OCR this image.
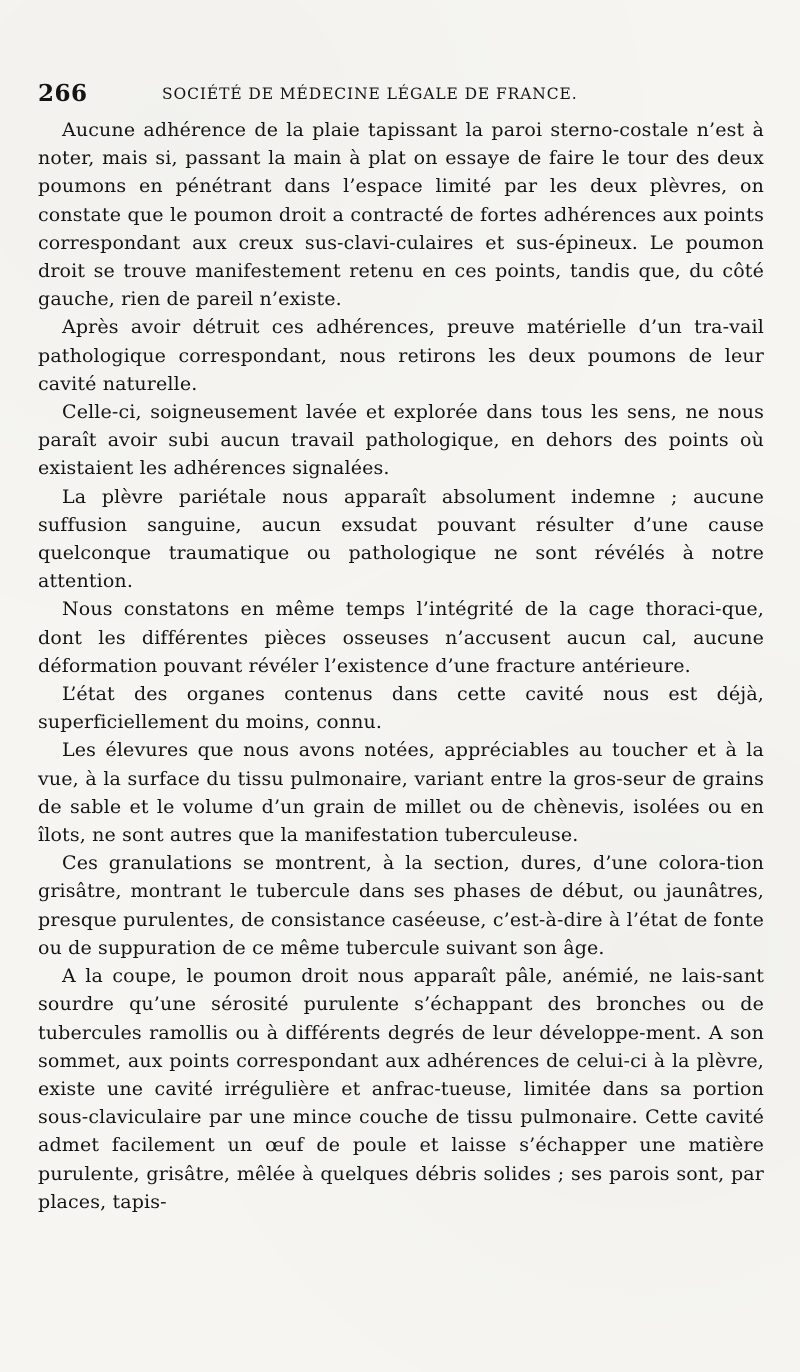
266	SOCIÉTÉ DE MÉDECINE LÉGALE DE FRANCE.

Aucune adhérence de la plaie tapissant la paroi sterno-costale n’est à noter, mais si, passant la main à plat on essaye de faire le tour des deux poumons en pénétrant dans l’espace limité par les deux plèvres, on constate que le poumon droit a contracté de fortes adhérences aux points correspondant aux creux sus-clavi-culaires et sus-épineux. Le poumon droit se trouve manifestement retenu en ces points, tandis que, du côté gauche, rien de pareil n’existe.

Après avoir détruit ces adhérences, preuve matérielle d’un tra-vail pathologique correspondant, nous retirons les deux poumons de leur cavité naturelle.

Celle-ci, soigneusement lavée et explorée dans tous les sens, ne nous paraît avoir subi aucun travail pathologique, en dehors des points où existaient les adhérences signalées.

La plèvre pariétale nous apparaît absolument indemne ; aucune suffusion sanguine, aucun exsudat pouvant résulter d’une cause quelconque traumatique ou pathologique ne sont révélés à notre attention.

Nous constatons en même temps l’intégrité de la cage thoraci-que, dont les différentes pièces osseuses n’accusent aucun cal, aucune déformation pouvant révéler l’existence d’une fracture antérieure.

L’état des organes contenus dans cette cavité nous est déjà, superficiellement du moins, connu.

Les élevures que nous avons notées, appréciables au toucher et à la vue, à la surface du tissu pulmonaire, variant entre la gros-seur de grains de sable et le volume d’un grain de millet ou de chènevis, isolées ou en îlots, ne sont autres que la manifestation tuberculeuse.

Ces granulations se montrent, à la section, dures, d’une colora-tion grisâtre, montrant le tubercule dans ses phases de début, ou jaunâtres, presque purulentes, de consistance caséeuse, c’est-à-dire à l’état de fonte ou de suppuration de ce même tubercule suivant son âge.

A la coupe, le poumon droit nous apparaît pâle, anémié, ne lais-sant sourdre qu’une sérosité purulente s’échappant des bronches ou de tubercules ramollis ou à différents degrés de leur développe-ment. A son sommet, aux points correspondant aux adhérences de celui-ci à la plèvre, existe une cavité irrégulière et anfrac-tueuse, limitée dans sa portion sous-claviculaire par une mince couche de tissu pulmonaire. Cette cavité admet facilement un œuf de poule et laisse s’échapper une matière purulente, grisâtre, mêlée à quelques débris solides ; ses parois sont, par places, tapis-
